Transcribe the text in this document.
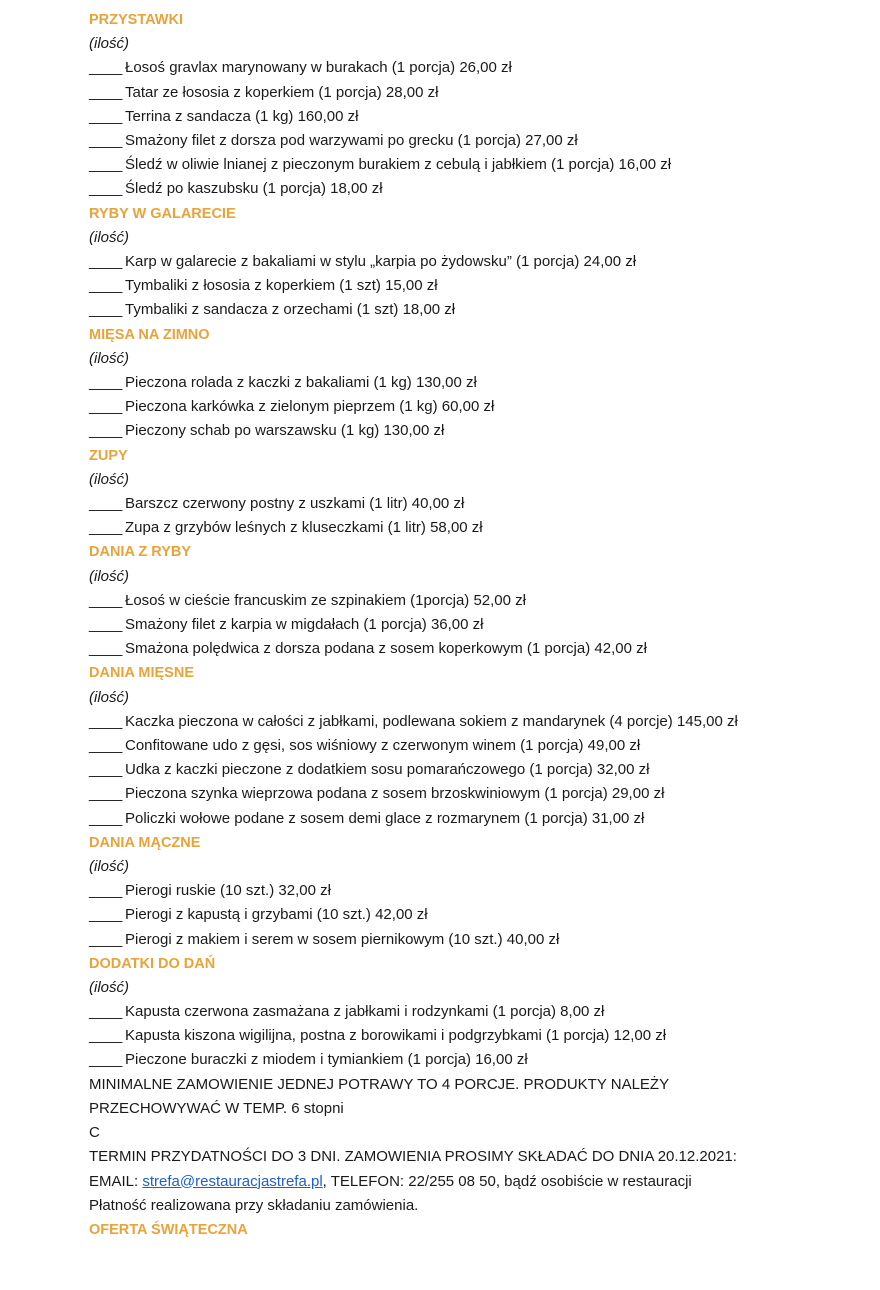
PRZYSTAWKI
(ilość)
____Łosoś gravlax marynowany w burakach (1 porcja) 26,00 zł
____Tatar ze łososia z koperkiem (1 porcja) 28,00 zł
____Terrina z sandacza (1 kg) 160,00 zł
____Smażony filet z dorsza pod warzywami po grecku (1 porcja) 27,00 zł
____Śledź w oliwie lnianej z pieczonym burakiem z cebulą i jabłkiem (1 porcja) 16,00 zł
____Śledź po kaszubsku (1 porcja) 18,00 zł
RYBY W GALARECIE
(ilość)
____Karp w galarecie z bakaliami w stylu „karpia po żydowsku” (1 porcja) 24,00 zł
____Tymbaliki z łososia z koperkiem (1 szt) 15,00 zł
____Tymbaliki z sandacza z orzechami (1 szt) 18,00 zł
MIĘSA NA ZIMNO
(ilość)
____Pieczona rolada z kaczki z bakaliami (1 kg) 130,00 zł
____Pieczona karkówka z zielonym pieprzem (1 kg) 60,00 zł
____Pieczony schab po warszawsku (1 kg) 130,00 zł
ZUPY
(ilość)
____Barszcz czerwony postny z uszkami (1 litr) 40,00 zł
____Zupa z grzybów leśnych z kluseczkami (1 litr) 58,00 zł
DANIA Z RYBY
(ilość)
____Łosoś w cieście francuskim ze szpinakiem (1porcja) 52,00 zł
____Smażony filet z karpia w migdałach (1 porcja) 36,00 zł
____Smażona polędwica z dorsza podana z sosem koperkowym (1 porcja) 42,00 zł
DANIA MIĘSNE
(ilość)
____Kaczka pieczona w całości z jabłkami, podlewana sokiem z mandarynek (4 porcje) 145,00 zł
____Confitowane udo z gęsi, sos wiśniowy z czerwonym winem (1 porcja) 49,00 zł
____Udka z kaczki pieczone z dodatkiem sosu pomarańczowego (1 porcja) 32,00 zł
____Pieczona szynka wieprzowa podana z sosem brzoskwiniowym (1 porcja) 29,00 zł
____Policzki wołowe podane z sosem demi glace z rozmarynem (1 porcja) 31,00 zł
DANIA MĄCZNE
(ilość)
____Pierogi ruskie (10 szt.) 32,00 zł
____Pierogi z kapustą i grzybami (10 szt.) 42,00 zł
____Pierogi z makiem i serem w sosem piernikowym (10 szt.) 40,00 zł
DODATKI DO DAŃ
(ilość)
____Kapusta czerwona zasmażana z jabłkami i rodzynkami (1 porcja) 8,00 zł
____Kapusta kiszona wigilijna, postna z borowikami i podgrzybkami (1 porcja) 12,00 zł
____Pieczone buraczki z miodem i tymiankiem (1 porcja) 16,00 zł
MINIMALNE ZAMOWIENIE JEDNEJ POTRAWY TO 4 PORCJE. PRODUKTY NALEŻY
PRZECHOWYWAĆ W TEMP. 6 stopni
C
TERMIN PRZYDATNOŚCI DO 3 DNI. ZAMOWIENIA PROSIMY SKŁADAĆ DO DNIA 20.12.2021:
EMAIL: strefa@restauracjastrefa.pl, TELEFON: 22/255 08 50, bądź osobiście w restauracji
Płatność realizowana przy składaniu zamówienia.
OFERTA ŚWIĄTECZNA
